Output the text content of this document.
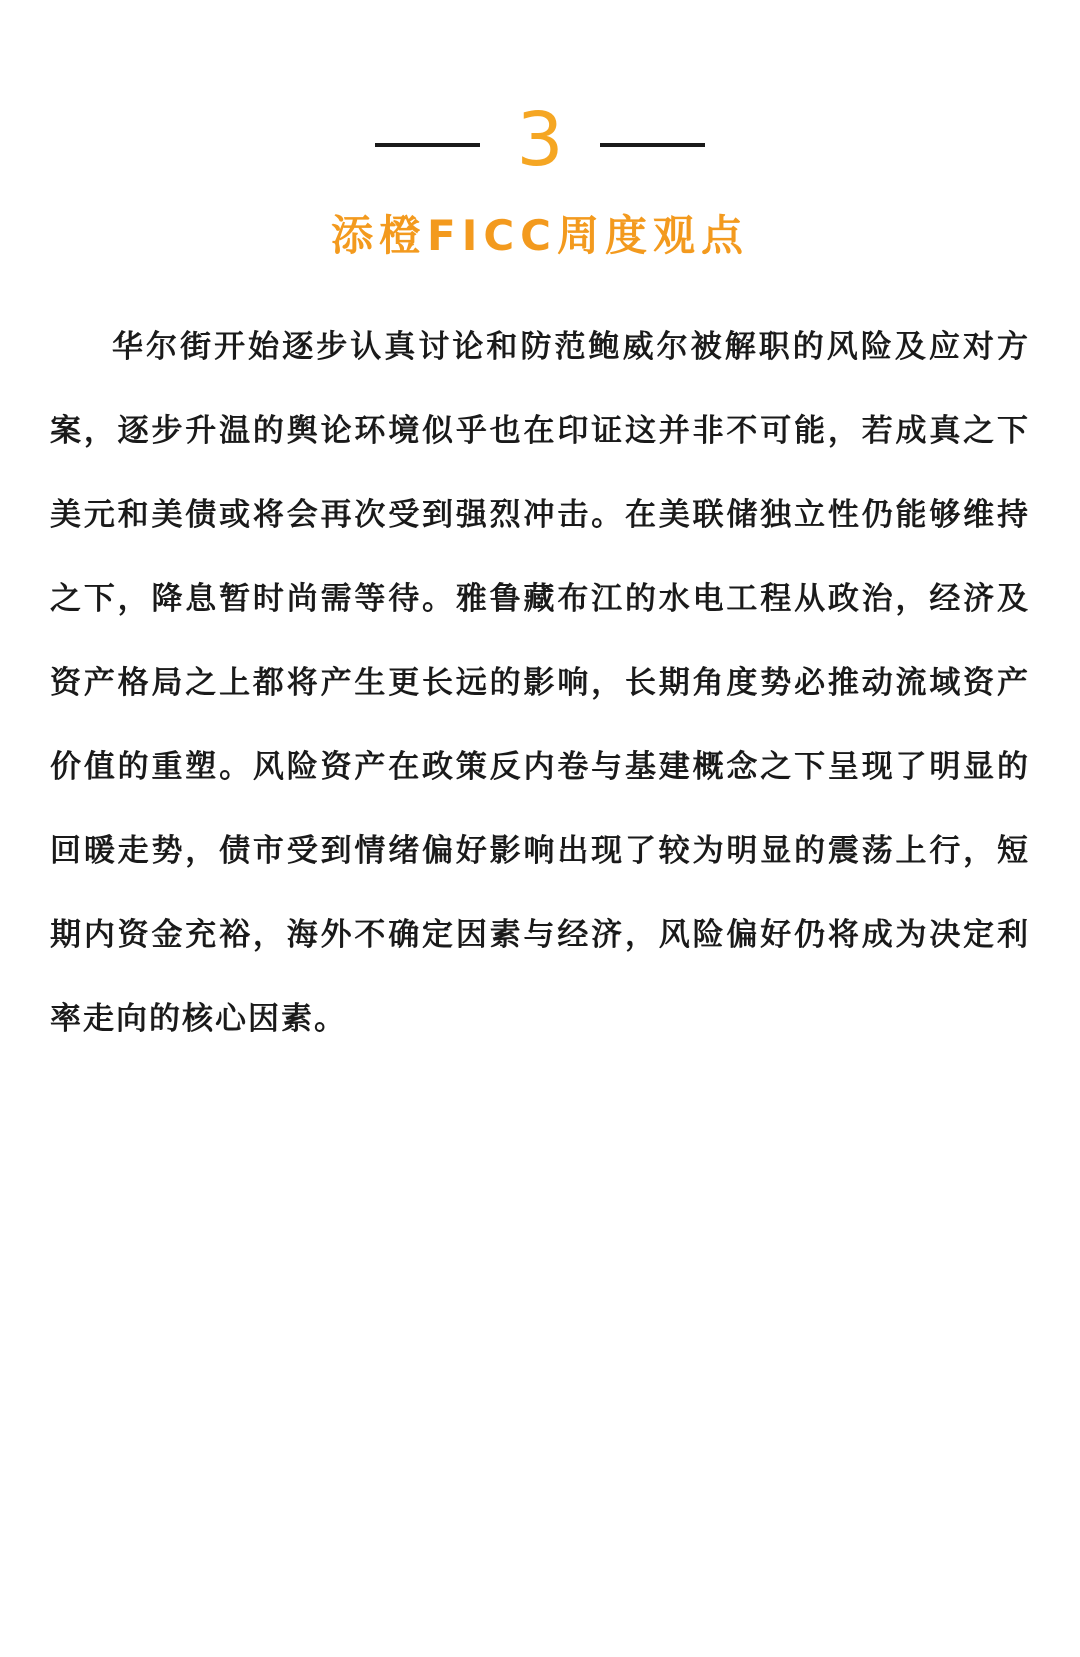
3
添橙FICC周度观点

华尔街开始逐步认真讨论和防范鲍威尔被解职的风险及应对方案，逐步升温的舆论环境似乎也在印证这并非不可能，若成真之下美元和美债或将会再次受到强烈冲击。在美联储独立性仍能够维持之下，降息暂时尚需等待。雅鲁藏布江的水电工程从政治，经济及资产格局之上都将产生更长远的影响，长期角度势必推动流域资产价值的重塑。风险资产在政策反内卷与基建概念之下呈现了明显的回暖走势，债市受到情绪偏好影响出现了较为明显的震荡上行，短期内资金充裕，海外不确定因素与经济，风险偏好仍将成为决定利率走向的核心因素。
